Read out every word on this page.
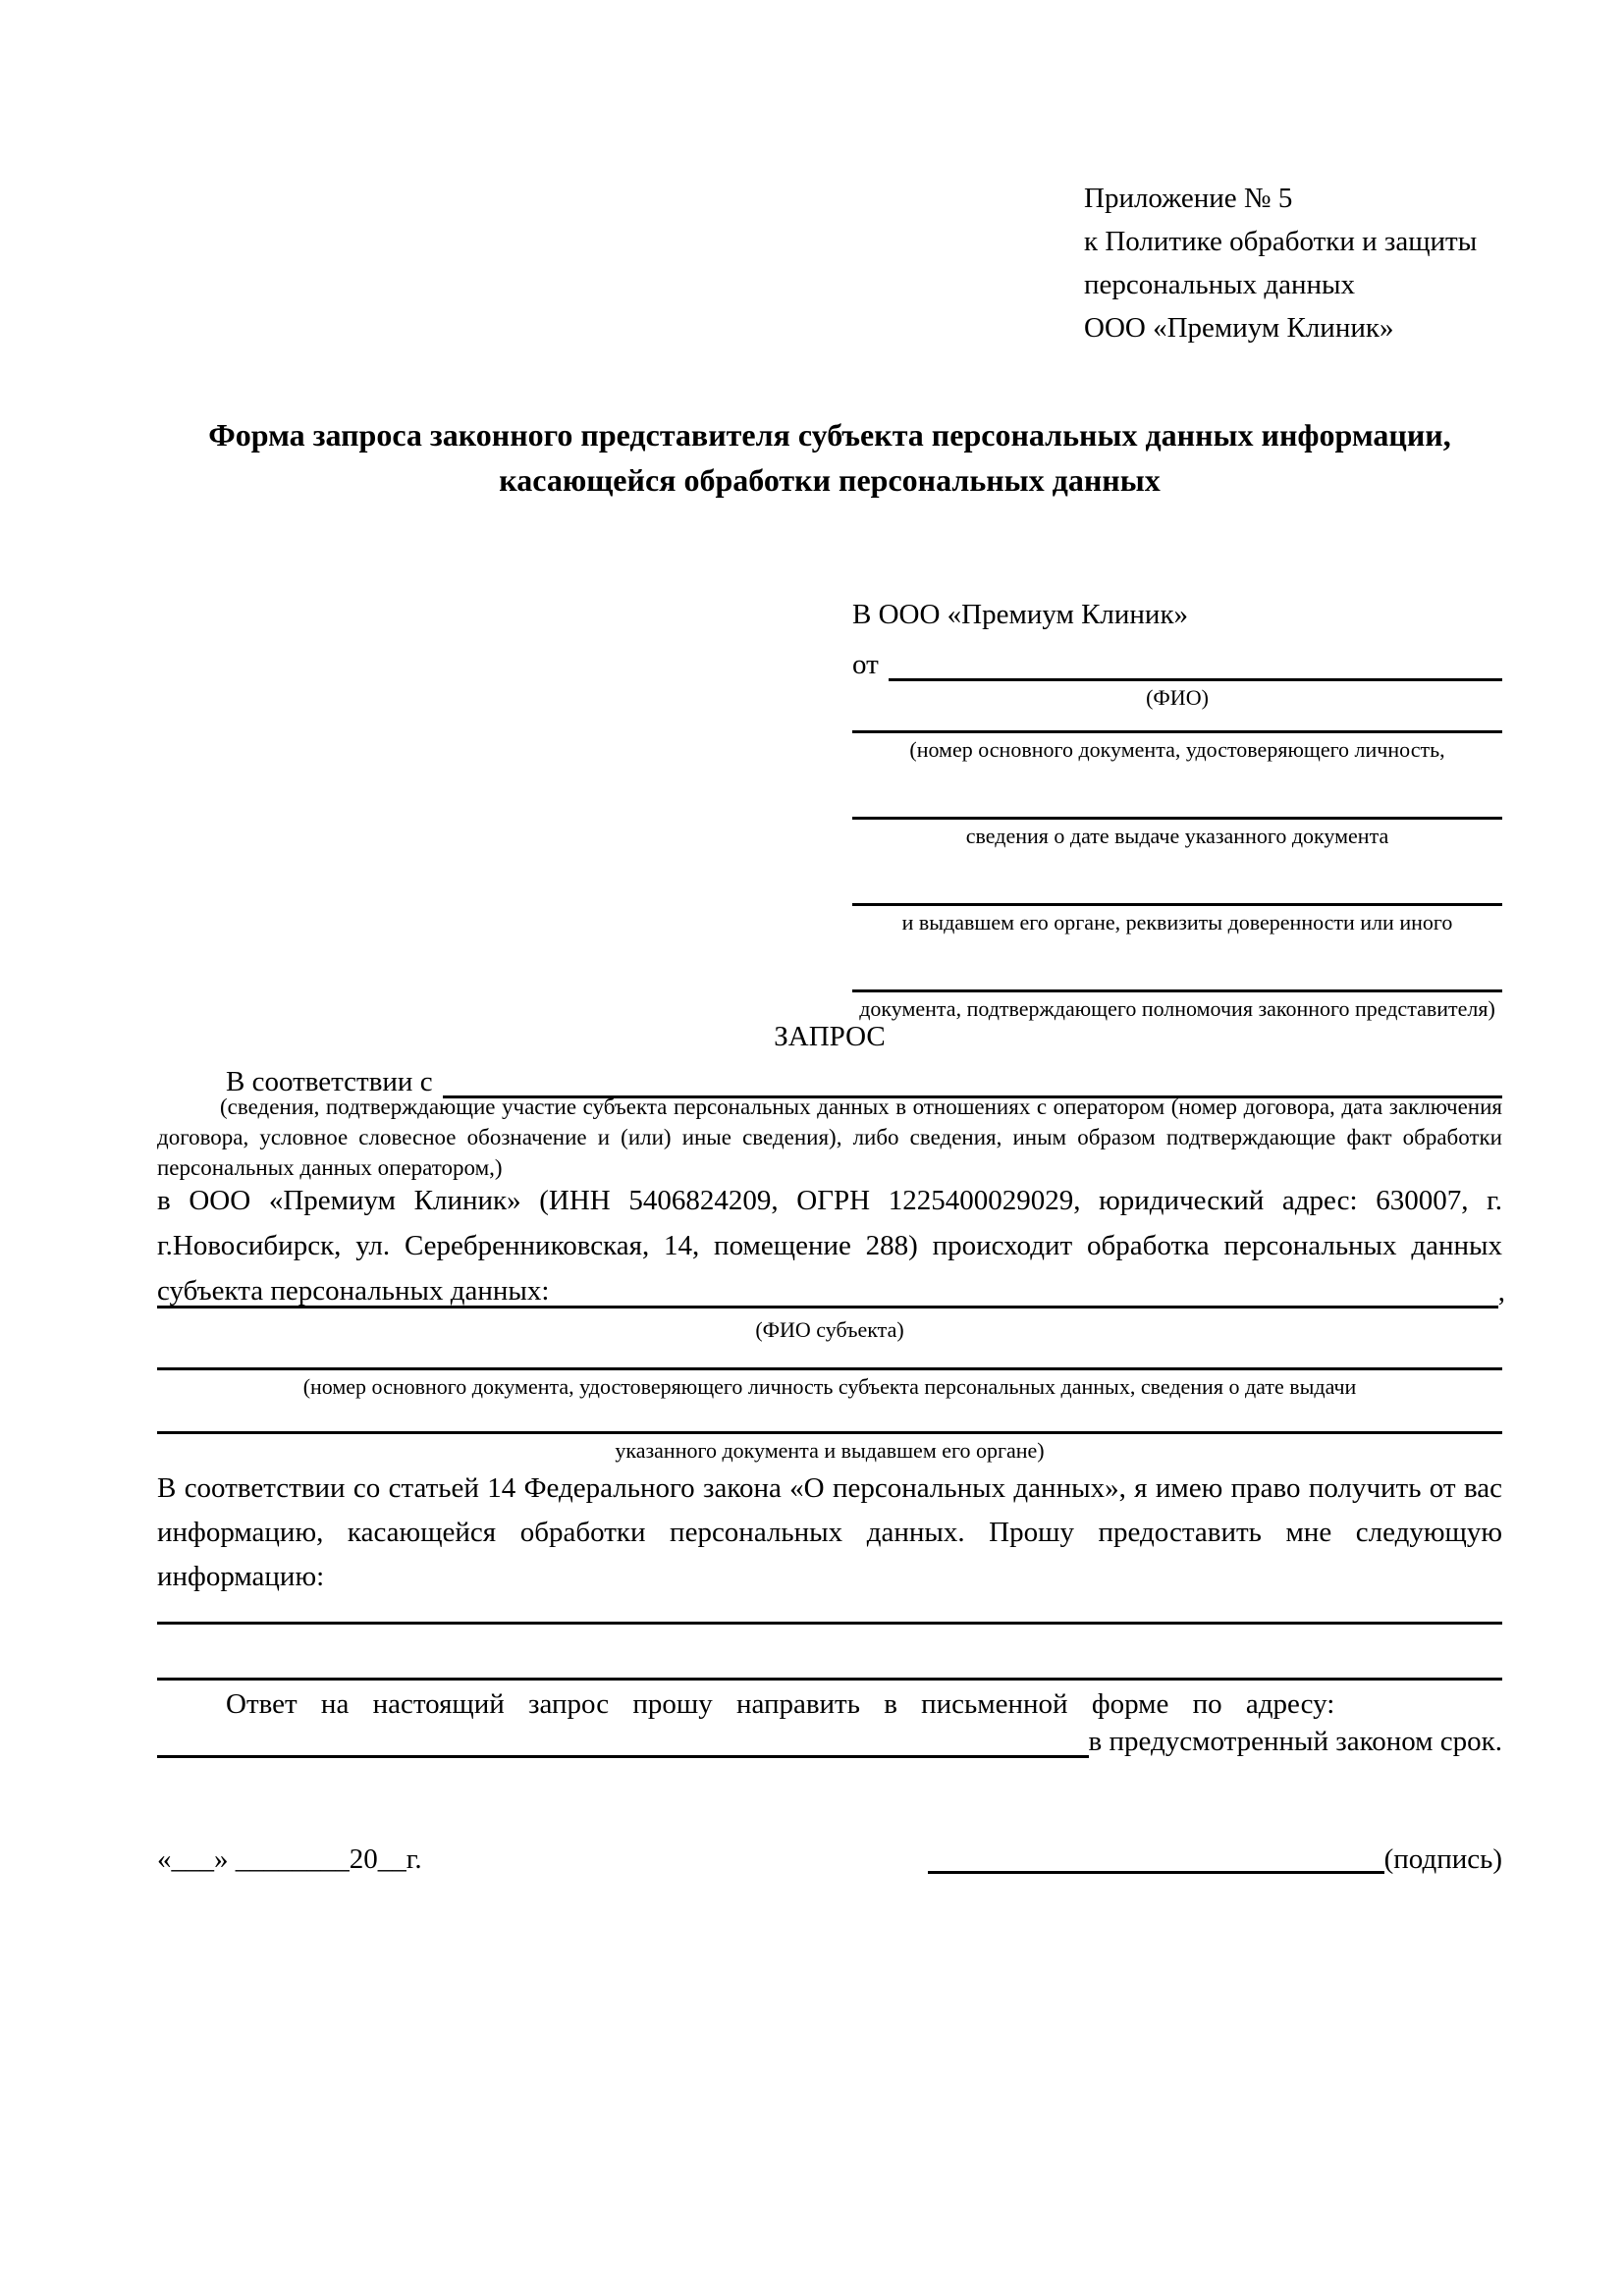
Приложение № 5
к Политике обработки и защиты
персональных данных
ООО «Премиум Клиник»
Форма запроса законного представителя субъекта персональных данных информации, касающейся обработки персональных данных
В ООО «Премиум Клиник»
от
(ФИО)
(номер основного документа, удостоверяющего личность,
сведения о дате выдаче указанного документа
и выдавшем его органе, реквизиты доверенности или иного
документа, подтверждающего полномочия законного представителя)
ЗАПРОС
В соответствии с
(сведения, подтверждающие участие субъекта персональных данных в отношениях с оператором (номер договора, дата заключения договора, условное словесное обозначение и (или) иные сведения), либо сведения, иным образом подтверждающие факт обработки персональных данных оператором,)
в ООО «Премиум Клиник» (ИНН 5406824209, ОГРН 1225400029029, юридический адрес: 630007, г. г.Новосибирск, ул. Серебренниковская, 14, помещение 288) происходит обработка персональных данных субъекта персональных данных:	,
(ФИО субъекта)
(номер основного документа, удостоверяющего личность субъекта персональных данных, сведения о дате выдачи
указанного документа и выдавшем его органе)
В соответствии со статьей 14 Федерального закона «О персональных данных», я имею право получить от вас информацию, касающейся обработки персональных данных. Прошу предоставить мне следующую информацию:
Ответ на настоящий запрос прошу направить в письменной форме по адресу:
в предусмотренный законом срок.
«___» ________20__г.	(подпись)
